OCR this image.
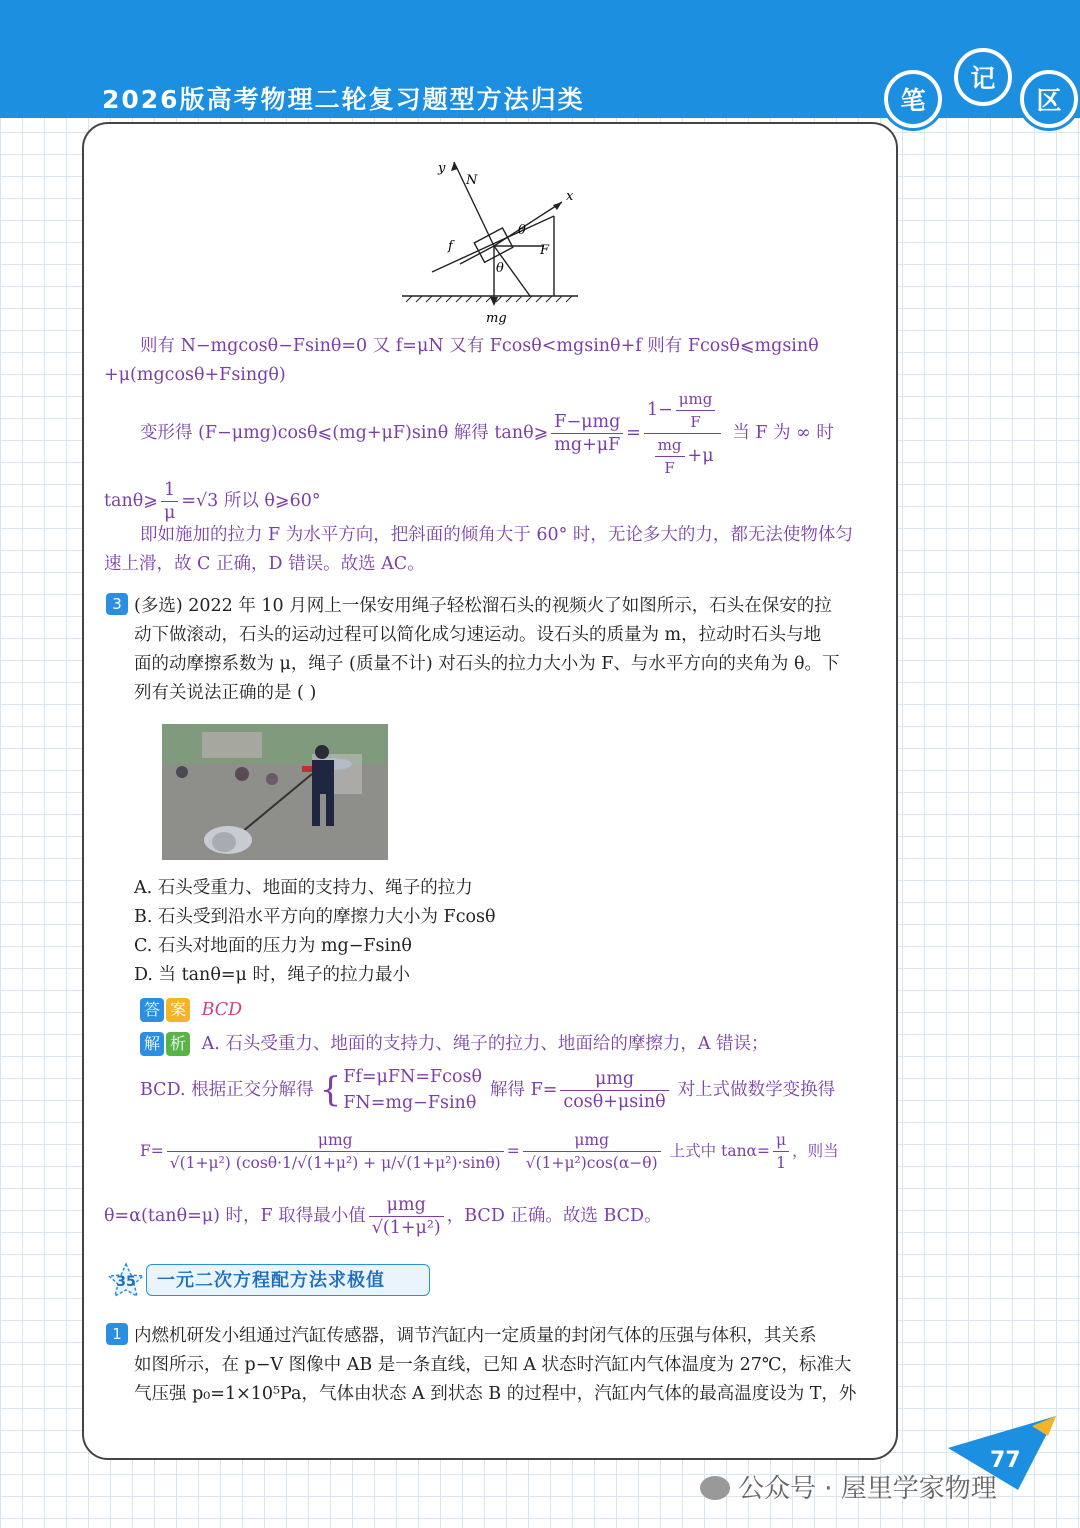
2026版高考物理二轮复习题型方法归类	笔
记
区
y
N
x
θ
f	F
θ
mg
则有 N−mgcosθ−Fsinθ=0 又 f=μN 又有 Fcosθ<mgsinθ+f 则有 Fcosθ⩽mgsinθ
+μ(mgcosθ+Fsingθ)
变形得 (F−μmg)cosθ⩽(mg+μF)sinθ 解得 tanθ⩾ $\frac{\text{F−μmg}}{mg+\mu F} = \frac{1- \frac{\text{μmg}}{F}}{\frac{mg}{F} +\mu}$ 当 F 为 ∞ 时
tanθ⩾ $\frac{1}{\mu} =√3$ 所以 θ⩾60°
即如施加的拉力 F 为水平方向，把斜面的倾角大于 60° 时，无论多大的力，都无法使物体匀
速上滑，故 C 正确，D 错误。故选 AC。
3 (多选) 2022 年 10 月网上一保安用绳子轻松溜石头的视频火了如图所示，石头在保安的拉
动下做滚动，石头的运动过程可以简化成匀速运动。设石头的质量为 m，拉动时石头与地
面的动摩擦系数为 μ，绳子 (质量不计) 对石头的拉力大小为 F、与水平方向的夹角为 θ。下
列有关说法正确的是 ( )
A. 石头受重力、地面的支持力、绳子的拉力
B. 石头受到沿水平方向的摩擦力大小为 Fcosθ
C. 石头对地面的压力为 mg−Fsinθ
D. 当 tanθ=μ 时，绳子的拉力最小
答 案 BCD
解 析 A. 石头受重力、地面的支持力、绳子的拉力、地面给的摩擦力，A 错误；
BCD. 根据正交分解得 { Ff=μFN=Fcosθ
FN=mg−Fsinθ
解得 $F= \frac{\text{μmg}}{\cos\theta+\mu\sin\theta}$ 对上式做数学变换得
$F= \frac{\text{μmg}}{\text{√(1+μ²) (cosθ·1/√(1+μ²) + μ/√(1+μ²)·sinθ)}} = \frac{\text{μmg}}{\text{√(1+μ²)cos(α−θ)}}$ 上式中 $\tan\alpha= \frac{\mu}{1}$ ，则当
θ=α(tanθ=μ) 时，F 取得最小值 $\frac{\text{μmg}}{\text{√(1+μ²)}}$ ，BCD 正确。故选 BCD。
35	一元二次方程配方法求极值
1 内燃机研发小组通过汽缸传感器，调节汽缸内一定质量的封闭气体的压强与体积，其关系
如图所示，在 p−V 图像中 AB 是一条直线，已知 A 状态时汽缸内气体温度为 27℃，标准大
气压强 p₀=1×10⁵Pa，气体由状态 A 到状态 B 的过程中，汽缸内气体的最高温度设为 T，外
77
公众号 · 屋里学家物理
